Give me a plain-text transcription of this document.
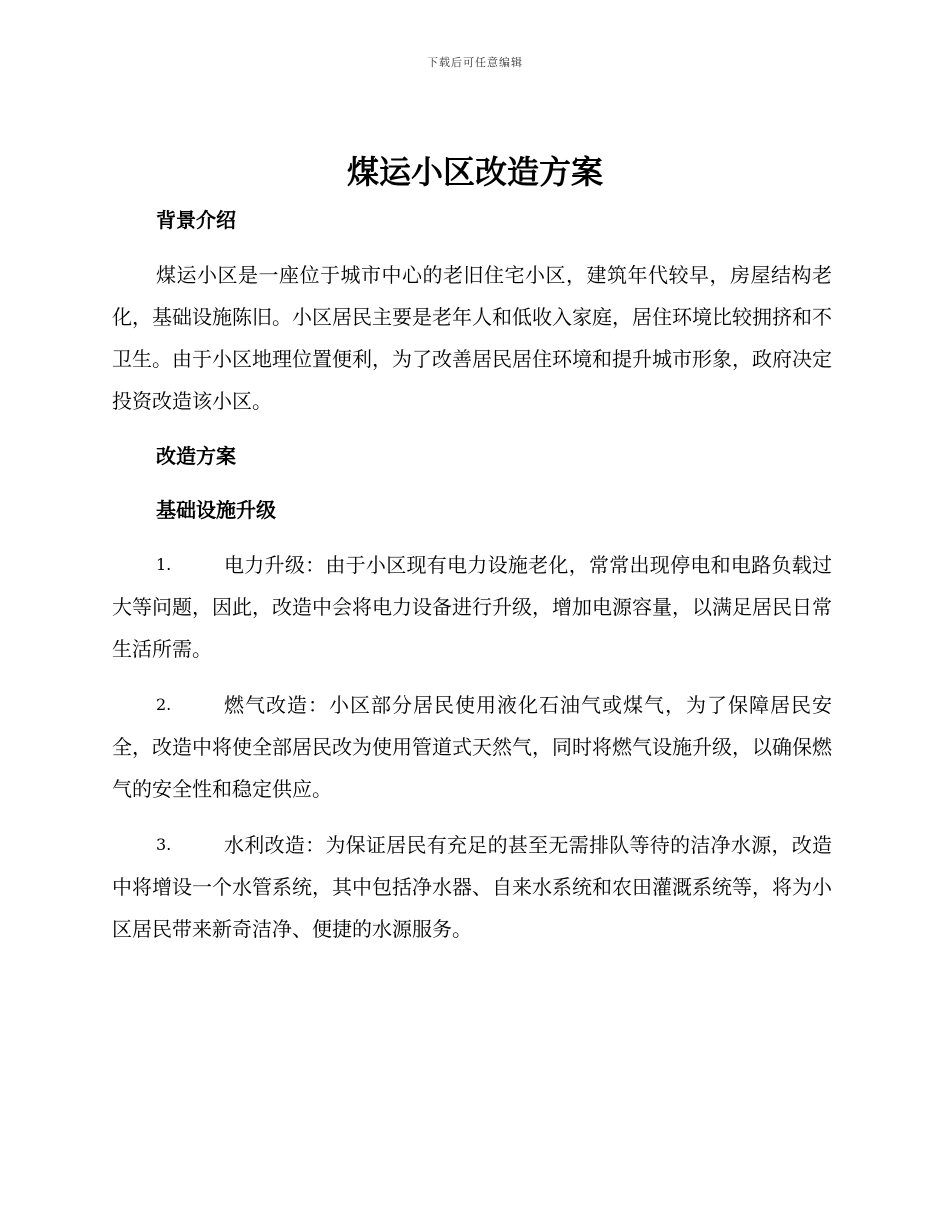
下载后可任意编辑
煤运小区改造方案
背景介绍

煤运小区是一座位于城市中心的老旧住宅小区，建筑年代较早，房屋结构老化，基础设施陈旧。小区居民主要是老年人和低收入家庭，居住环境比较拥挤和不卫生。由于小区地理位置便利，为了改善居民居住环境和提升城市形象，政府决定投资改造该小区。

改造方案
基础设施升级

1.	电力升级：由于小区现有电力设施老化，常常出现停电和电路负载过大等问题，因此，改造中会将电力设备进行升级，增加电源容量，以满足居民日常生活所需。

2.	燃气改造：小区部分居民使用液化石油气或煤气，为了保障居民安全，改造中将使全部居民改为使用管道式天然气，同时将燃气设施升级，以确保燃气的安全性和稳定供应。

3.	水利改造：为保证居民有充足的甚至无需排队等待的洁净水源，改造中将增设一个水管系统，其中包括净水器、自来水系统和农田灌溉系统等，将为小区居民带来新奇洁净、便捷的水源服务。
